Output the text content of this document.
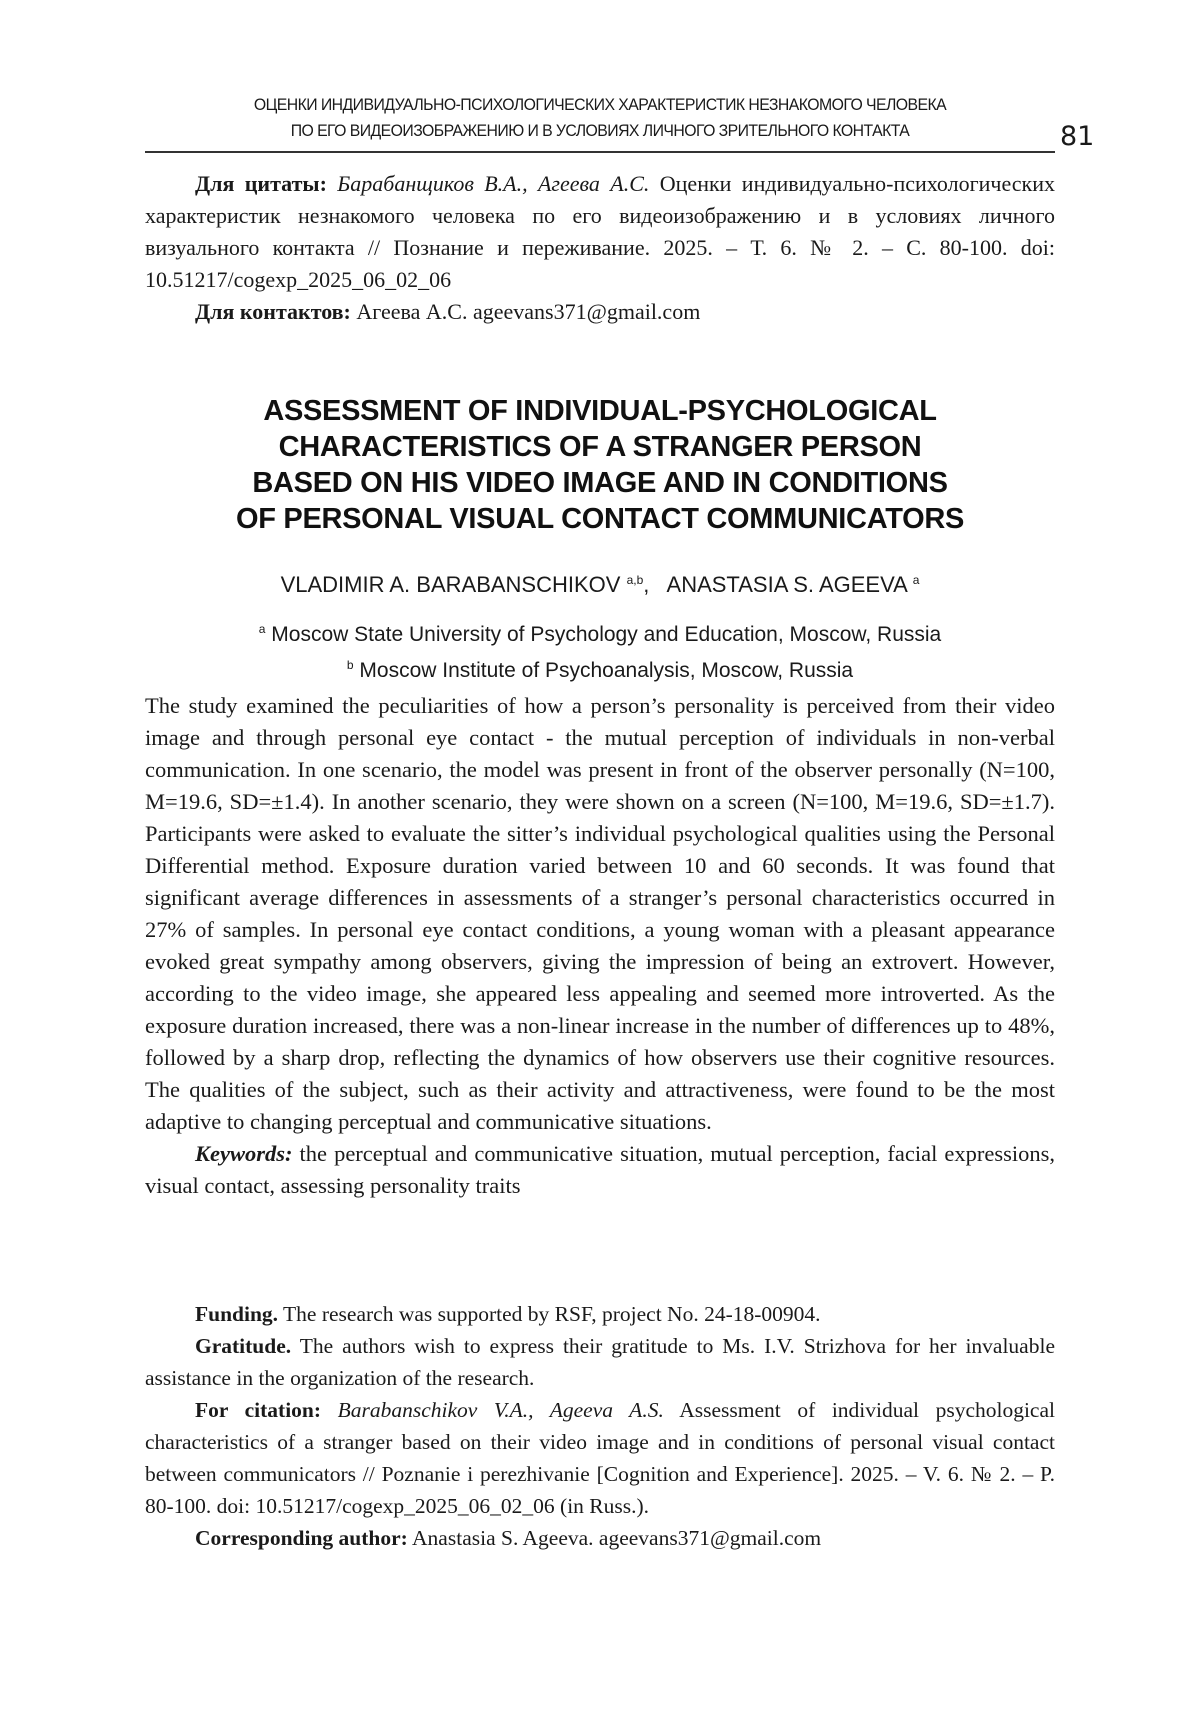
ОЦЕНКИ ИНДИВИДУАЛЬНО-ПСИХОЛОГИЧЕСКИХ ХАРАКТЕРИСТИК НЕЗНАКОМОГО ЧЕЛОВЕКА
ПО ЕГО ВИДЕОИЗОБРАЖЕНИЮ И В УСЛОВИЯХ ЛИЧНОГО ЗРИТЕЛЬНОГО КОНТАКТА	81

Для цитаты: Барабанщиков В.А., Агеева А.С. Оценки индивидуально-психологических характеристик незнакомого человека по его видеоизображению и в условиях личного визуального контакта // Познание и переживание. 2025. – Т. 6. № 2. – С. 80-100. doi: 10.51217/cogexp_2025_06_02_06

Для контактов: Агеева А.С. ageevans371@gmail.com

ASSESSMENT OF INDIVIDUAL-PSYCHOLOGICAL
CHARACTERISTICS OF A STRANGER PERSON
BASED ON HIS VIDEO IMAGE AND IN CONDITIONS
OF PERSONAL VISUAL CONTACT COMMUNICATORS
VLADIMIR A. BARABANSCHIKOV $^{a,b}$,   ANASTASIA S. AGEEVA $^a$
$^a$ Moscow State University of Psychology and Education, Moscow, Russia
$^b$ Moscow Institute of Psychoanalysis, Moscow, Russia

The study examined the peculiarities of how a person’s personality is perceived from their video image and through personal eye contact - the mutual perception of individuals in non-verbal communication. In one scenario, the model was present in front of the observer personally (N=100, M=19.6, SD=±1.4). In another scenario, they were shown on a screen (N=100, M=19.6, SD=±1.7). Participants were asked to evaluate the sitter’s individual psychological qualities using the Personal Differential method. Exposure duration varied between 10 and 60 seconds. It was found that significant average differences in assessments of a stranger’s personal characteristics occurred in 27% of samples. In personal eye contact conditions, a young woman with a pleasant appearance evoked great sympathy among observers, giving the impression of being an extrovert. However, according to the video image, she appeared less appealing and seemed more introverted. As the exposure duration increased, there was a non-linear increase in the number of differences up to 48%, followed by a sharp drop, reflecting the dynamics of how observers use their cognitive resources. The qualities of the subject, such as their activity and attractiveness, were found to be the most adaptive to changing perceptual and communicative situations.

Keywords: the perceptual and communicative situation, mutual perception, facial expressions, visual contact, assessing personality traits

Funding. The research was supported by RSF, project No. 24-18-00904.

Gratitude. The authors wish to express their gratitude to Ms. I.V. Strizhova for her invaluable assistance in the organization of the research.

For citation: Barabanschikov V.A., Ageeva A.S. Assessment of individual psychological characteristics of a stranger based on their video image and in conditions of personal visual contact between communicators // Poznanie i perezhivanie [Cognition and Experience]. 2025. – V. 6. № 2. – P. 80-100. doi: 10.51217/cogexp_2025_06_02_06 (in Russ.).

Corresponding author: Anastasia S. Ageeva. ageevans371@gmail.com
